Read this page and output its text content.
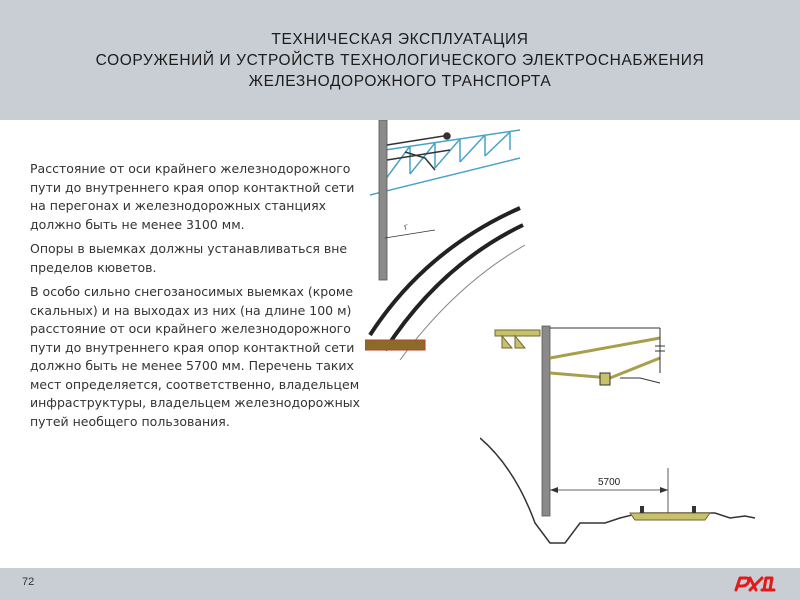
ТЕХНИЧЕСКАЯ ЭКСПЛУАТАЦИЯ
СООРУЖЕНИЙ И УСТРОЙСТВ ТЕХНОЛОГИЧЕСКОГО ЭЛЕКТРОСНАБЖЕНИЯ
ЖЕЛЕЗНОДОРОЖНОГО ТРАНСПОРТА

Расстояние от оси крайнего железнодорожного пути до внутреннего края опор контактной сети на перегонах и железнодорожных станциях должно быть не менее 3100 мм.

Опоры в выемках должны устанавливаться вне пределов кюветов.

В особо сильно снегозаносимых выемках (кроме скальных) и на выходах из них (на длине 100 м) расстояние от оси крайнего железнодорожного пути до внутреннего края опор контактной сети должно быть не менее 5700 мм. Перечень таких мест определяется, соответственно, владельцем инфраструктуры, владельцем железнодорожных путей необщего пользования.

Г
5700
72
